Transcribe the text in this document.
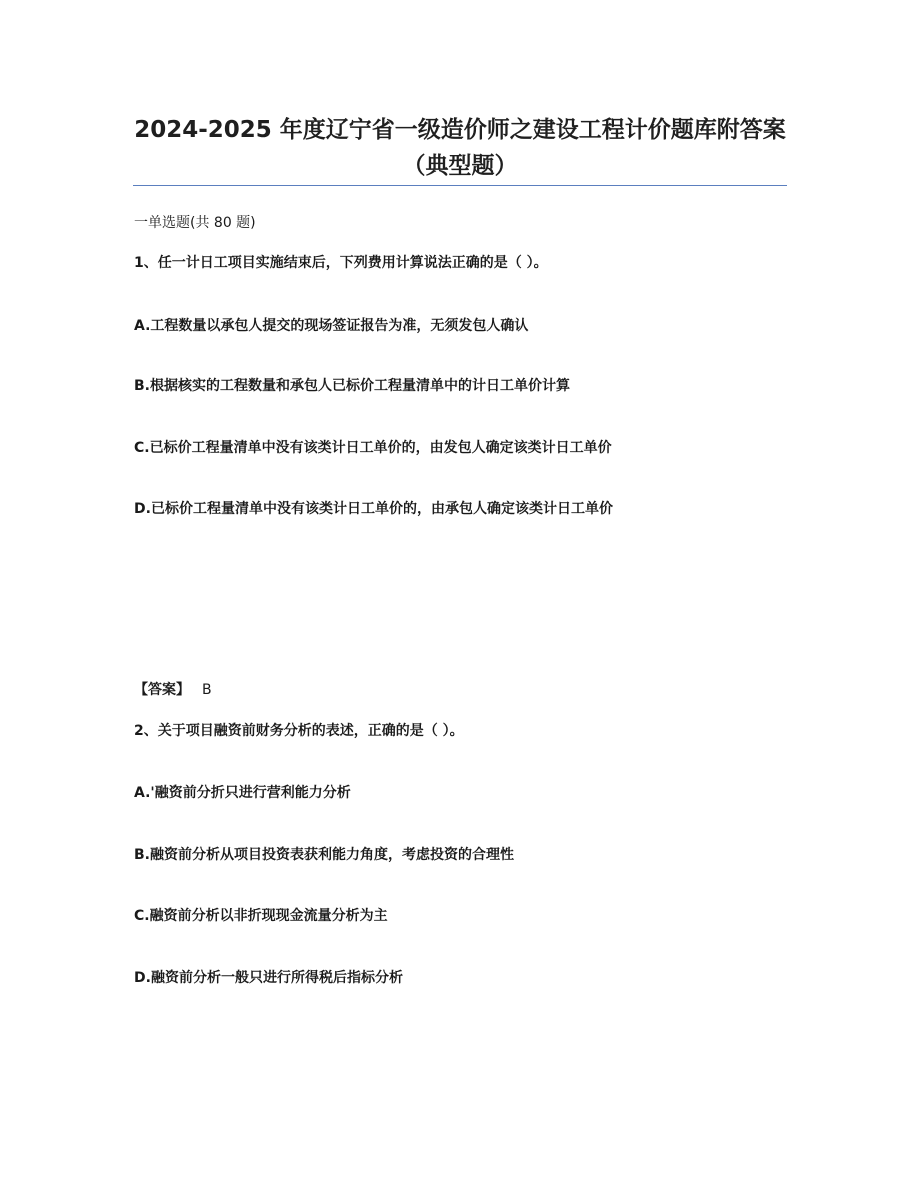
2024-2025 年度辽宁省一级造价师之建设工程计价题库附答案（典型题）
一单选题(共 80 题)
1、任一计日工项目实施结束后，下列费用计算说法正确的是（ ）。
A.工程数量以承包人提交的现场签证报告为准，无须发包人确认
B.根据核实的工程数量和承包人已标价工程量清单中的计日工单价计算
C.已标价工程量清单中没有该类计日工单价的，由发包人确定该类计日工单价
D.已标价工程量清单中没有该类计日工单价的，由承包人确定该类计日工单价
【答案】 B
2、关于项目融资前财务分析的表述，正确的是（ ）。
A.'融资前分折只进行营利能力分析
B.融资前分析从项目投资表获利能力角度，考虑投资的合理性
C.融资前分析以非折现现金流量分析为主
D.融资前分析一般只进行所得税后指标分析
